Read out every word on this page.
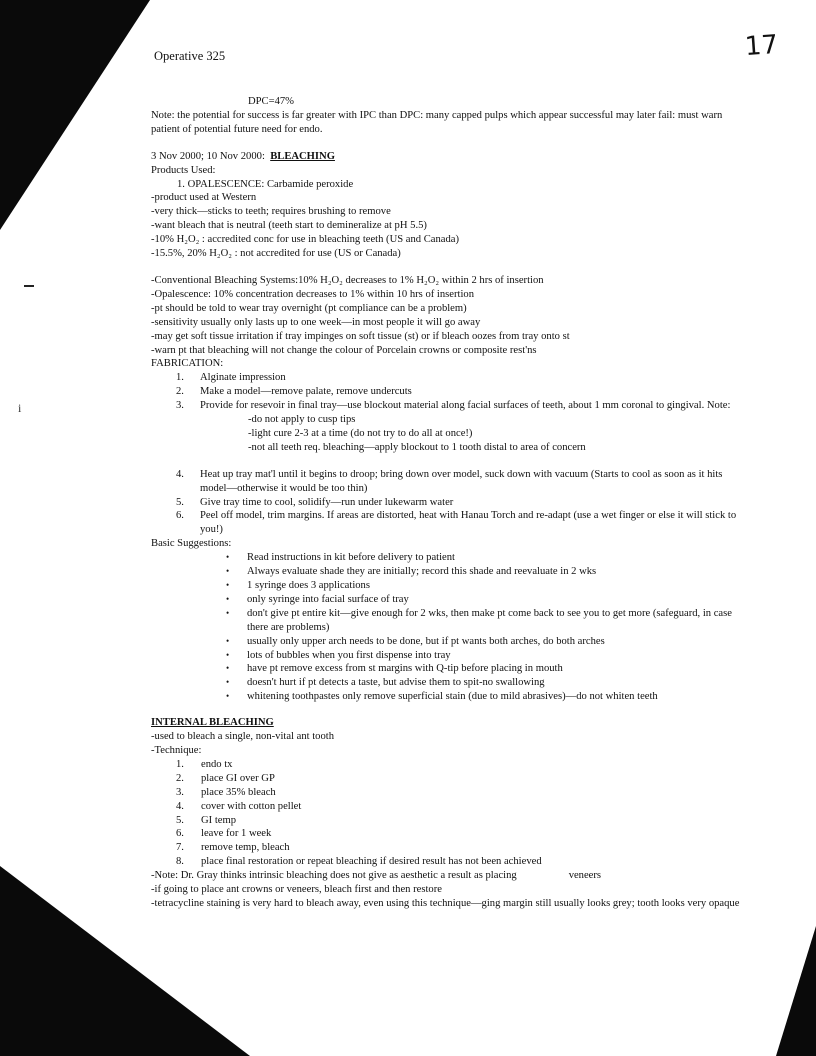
i
Operative 325	17
DPC=47%
Note: the potential for success is far greater with IPC than DPC: many capped pulps which appear successful may later fail: must warn patient of potential future need for endo.
3 Nov 2000; 10 Nov 2000: BLEACHING
Products Used:
1. OPALESCENCE: Carbamide peroxide
-product used at Western
-very thick—sticks to teeth; requires brushing to remove
-want bleach that is neutral (teeth start to demineralize at pH 5.5)
-10% H₂O₂ : accredited conc for use in bleaching teeth (US and Canada)
-15.5%, 20% H₂O₂ : not accredited for use (US or Canada)
-Conventional Bleaching Systems:10% H₂O₂ decreases to 1% H₂O₂ within 2 hrs of insertion
-Opalescence: 10% concentration decreases to 1% within 10 hrs of insertion
-pt should be told to wear tray overnight (pt compliance can be a problem)
-sensitivity usually only lasts up to one week—in most people it will go away
-may get soft tissue irritation if tray impinges on soft tissue (st) or if bleach oozes from tray onto st
-warn pt that bleaching will not change the colour of Porcelain crowns or composite rest'ns
FABRICATION:
1. Alginate impression
2. Make a model—remove palate, remove undercuts
3. Provide for resevoir in final tray—use blockout material along facial surfaces of teeth, about 1 mm coronal to gingival. Note:
-do not apply to cusp tips
-light cure 2-3 at a time (do not try to do all at once!)
-not all teeth req. bleaching—apply blockout to 1 tooth distal to area of concern
4. Heat up tray mat'l until it begins to droop; bring down over model, suck down with vacuum (Starts to cool as soon as it hits model—otherwise it would be too thin)
5. Give tray time to cool, solidify—run under lukewarm water
6. Peel off model, trim margins. If areas are distorted, heat with Hanau Torch and re-adapt (use a wet finger or else it will stick to you!)
Basic Suggestions:
• Read instructions in kit before delivery to patient
• Always evaluate shade they are initially; record this shade and reevaluate in 2 wks
• 1 syringe does 3 applications
• only syringe into facial surface of tray
• don't give pt entire kit—give enough for 2 wks, then make pt come back to see you to get more (safeguard, in case there are problems)
• usually only upper arch needs to be done, but if pt wants both arches, do both arches
• lots of bubbles when you first dispense into tray
• have pt remove excess from st margins with Q-tip before placing in mouth
• doesn't hurt if pt detects a taste, but advise them to spit-no swallowing
• whitening toothpastes only remove superficial stain (due to mild abrasives)—do not whiten teeth
INTERNAL BLEACHING
-used to bleach a single, non-vital ant tooth
-Technique:
1. endo tx
2. place GI over GP
3. place 35% bleach
4. cover with cotton pellet
5. GI temp
6. leave for 1 week
7. remove temp, bleach
8. place final restoration or repeat bleaching if desired result has not been achieved
-Note: Dr. Gray thinks intrinsic bleaching does not give as aesthetic a result as placing	veneers
-if going to place ant crowns or veneers, bleach first and then restore
-tetracycline staining is very hard to bleach away, even using this technique—ging margin still usually looks grey; tooth looks very opaque
